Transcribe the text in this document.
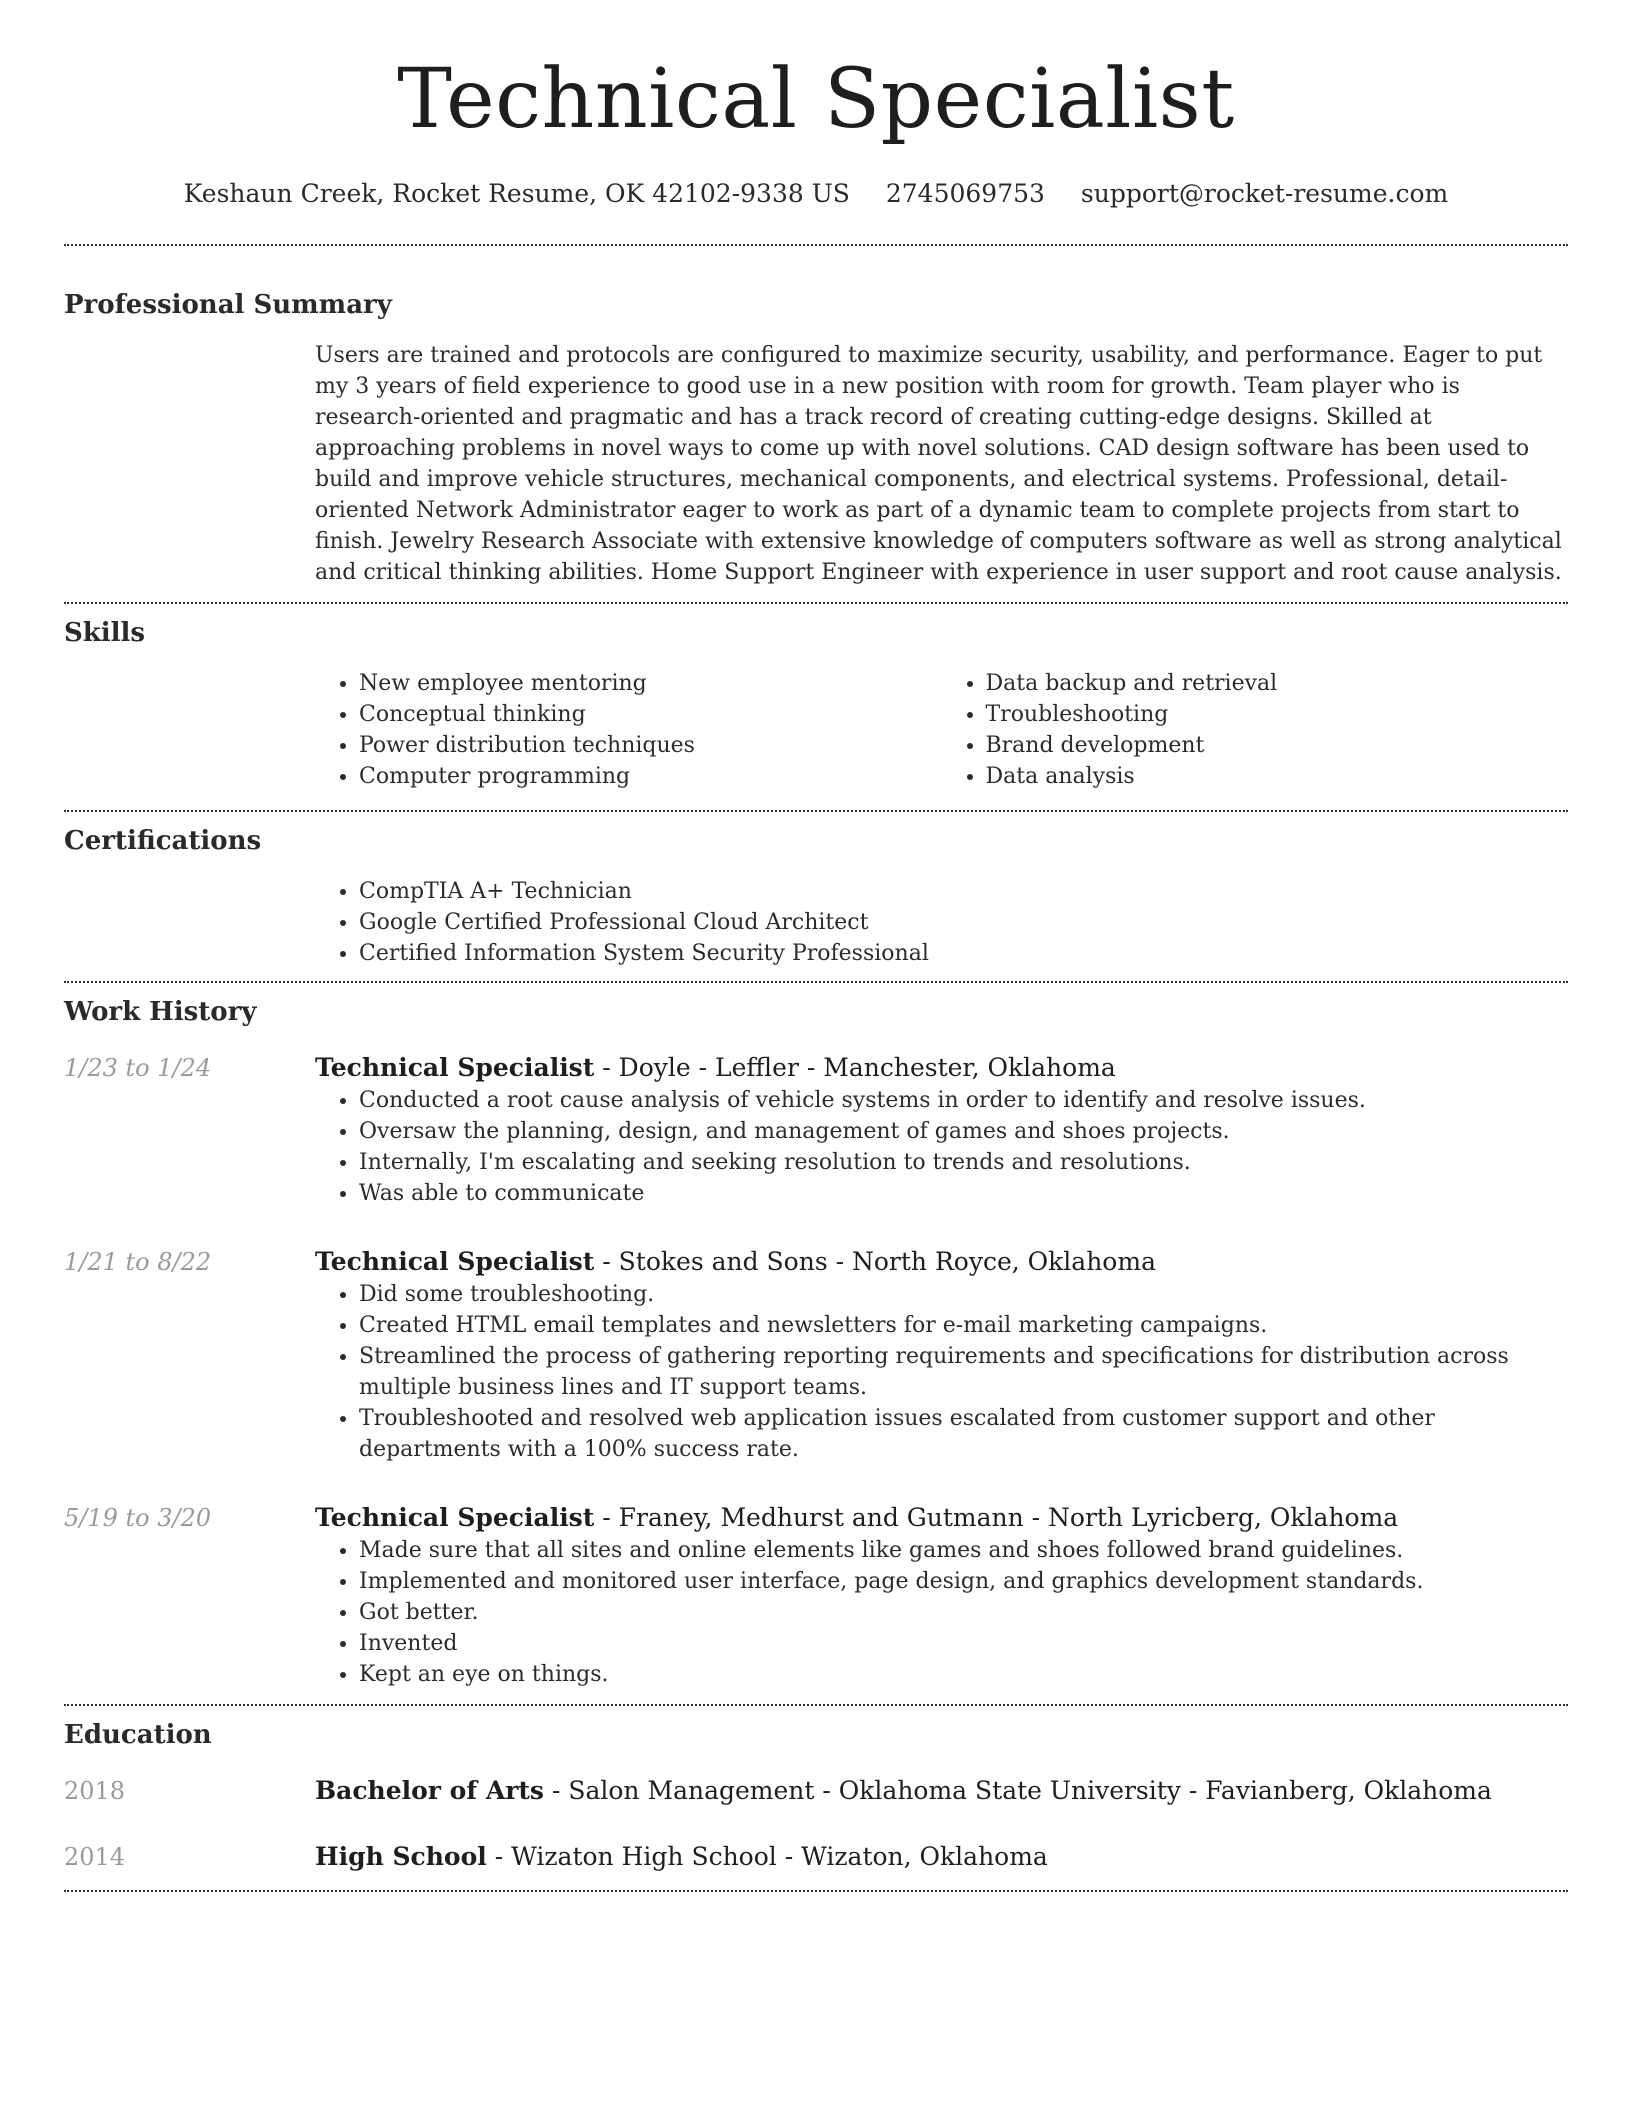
Technical Specialist
Keshaun Creek, Rocket Resume, OK 42102-9338 US 2745069753 support@rocket-resume.com
Professional Summary

Users are trained and protocols are configured to maximize security, usability, and performance. Eager to put my 3 years of field experience to good use in a new position with room for growth. Team player who is research-oriented and pragmatic and has a track record of creating cutting-edge designs. Skilled at approaching problems in novel ways to come up with novel solutions. CAD design software has been used to build and improve vehicle structures, mechanical components, and electrical systems. Professional, detail-oriented Network Administrator eager to work as part of a dynamic team to complete projects from start to finish. Jewelry Research Associate with extensive knowledge of computers software as well as strong analytical and critical thinking abilities. Home Support Engineer with experience in user support and root cause analysis.

Skills
• New employee mentoring
• Conceptual thinking
• Power distribution techniques
• Computer programming
• Data backup and retrieval
• Troubleshooting
• Brand development
• Data analysis
Certifications
• CompTIA A+ Technician
• Google Certified Professional Cloud Architect
• Certified Information System Security Professional
Work History
1/23 to 1/24	Technical Specialist - Doyle - Leffler - Manchester, Oklahoma
• Conducted a root cause analysis of vehicle systems in order to identify and resolve issues.
• Oversaw the planning, design, and management of games and shoes projects.
• Internally, I'm escalating and seeking resolution to trends and resolutions.
• Was able to communicate
1/21 to 8/22	Technical Specialist - Stokes and Sons - North Royce, Oklahoma
• Did some troubleshooting.
• Created HTML email templates and newsletters for e-mail marketing campaigns.
• Streamlined the process of gathering reporting requirements and specifications for distribution across multiple business lines and IT support teams.
• Troubleshooted and resolved web application issues escalated from customer support and other departments with a 100% success rate.
5/19 to 3/20	Technical Specialist - Franey, Medhurst and Gutmann - North Lyricberg, Oklahoma
• Made sure that all sites and online elements like games and shoes followed brand guidelines.
• Implemented and monitored user interface, page design, and graphics development standards.
• Got better.
• Invented
• Kept an eye on things.
Education
2018	Bachelor of Arts - Salon Management - Oklahoma State University - Favianberg, Oklahoma
2014	High School - Wizaton High School - Wizaton, Oklahoma
